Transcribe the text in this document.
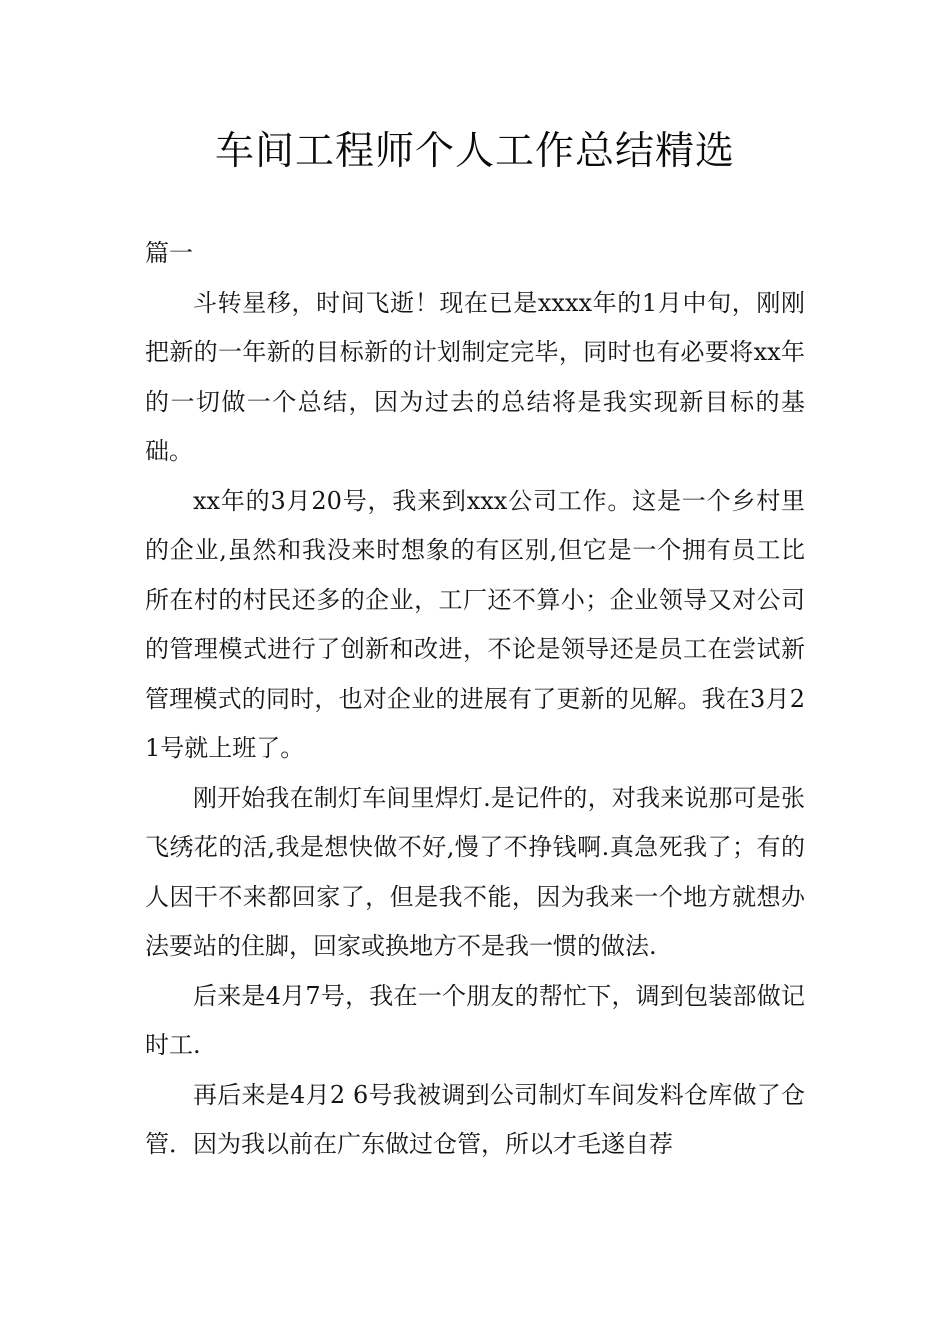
车间工程师个人工作总结精选

篇一

斗转星移，时间飞逝！现在已是xxxx年的1月中旬，刚刚把新的一年新的目标新的计划制定完毕，同时也有必要将xx年的一切做一个总结，因为过去的总结将是我实现新目标的基础。

xx年的3月20号，我来到xxx公司工作。这是一个乡村里的企业,虽然和我没来时想象的有区别,但它是一个拥有员工比所在村的村民还多的企业，工厂还不算小；企业领导又对公司的管理模式进行了创新和改进，不论是领导还是员工在尝试新管理模式的同时，也对企业的进展有了更新的见解。我在3月21号就上班了。

刚开始我在制灯车间里焊灯.是记件的，对我来说那可是张飞绣花的活,我是想快做不好,慢了不挣钱啊.真急死我了；有的人因干不来都回家了，但是我不能，因为我来一个地方就想办法要站的住脚，回家或换地方不是我一惯的做法.

后来是4月7号，我在一个朋友的帮忙下，调到包装部做记时工.

再后来是4月2 6号我被调到公司制灯车间发料仓库做了仓管．因为我以前在广东做过仓管，所以才毛遂自荐
